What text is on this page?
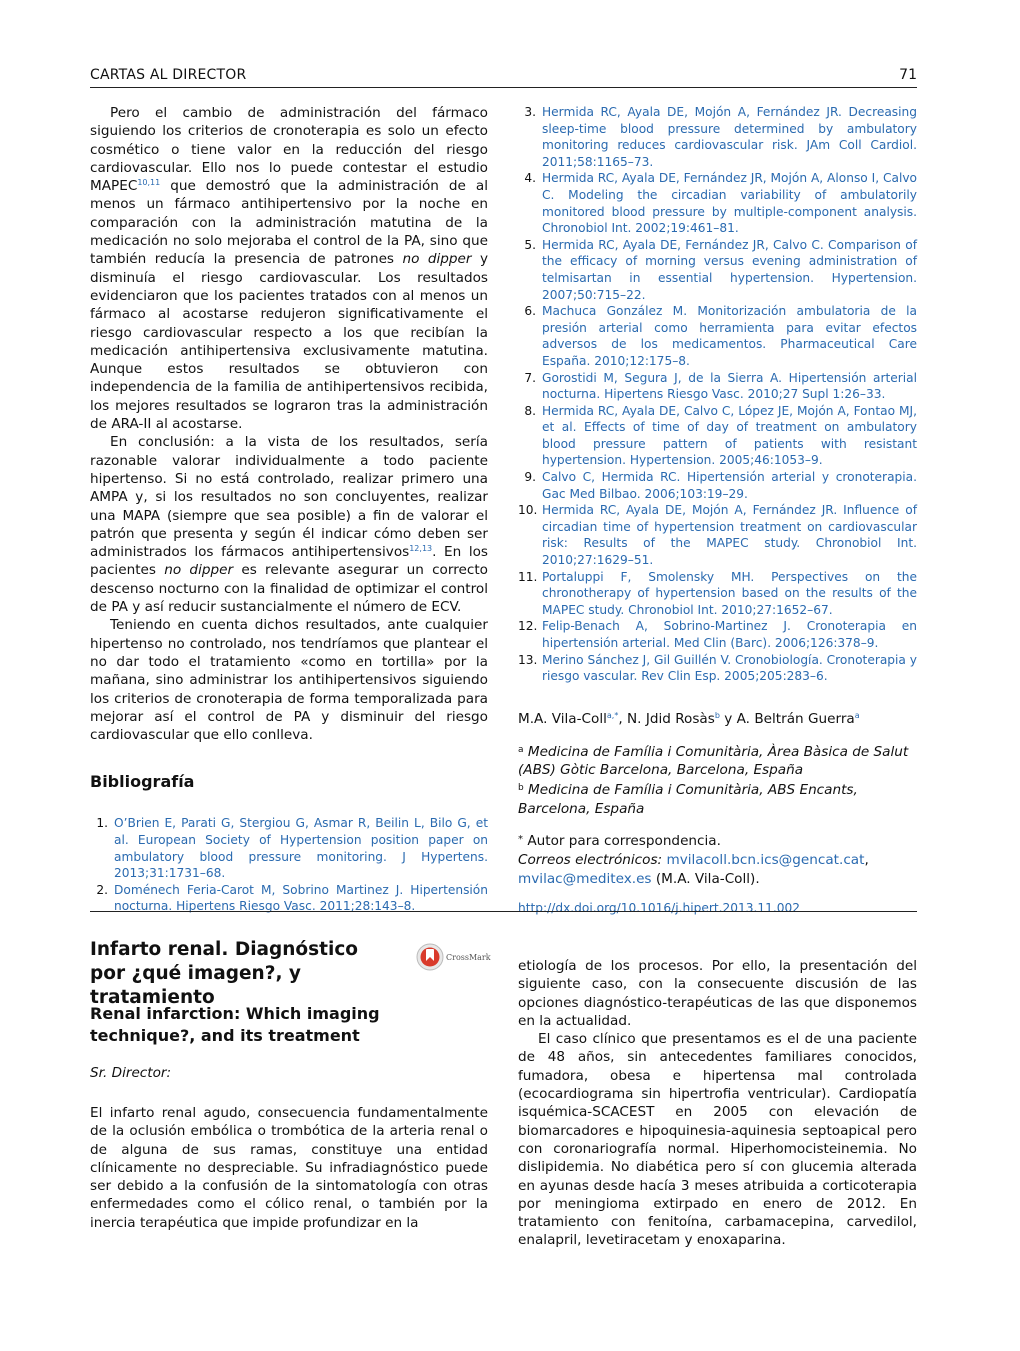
CARTAS AL DIRECTOR	71

Pero el cambio de administración del fármaco siguiendo los criterios de cronoterapia es solo un efecto cosmético o tiene valor en la reducción del riesgo cardiovascular. Ello nos lo puede contestar el estudio MAPEC$^{10,11}$ que demostró que la administración de al menos un fármaco antihipertensivo por la noche en comparación con la administración matutina de la medicación no solo mejoraba el control de la PA, sino que también reducía la presencia de patrones no dipper y disminuía el riesgo cardiovascular. Los resultados evidenciaron que los pacientes tratados con al menos un fármaco al acostarse redujeron significativamente el riesgo cardiovascular respecto a los que recibían la medicación antihipertensiva exclusivamente matutina. Aunque estos resultados se obtuvieron con independencia de la familia de antihipertensivos recibida, los mejores resultados se lograron tras la administración de ARA-II al acostarse.

En conclusión: a la vista de los resultados, sería razonable valorar individualmente a todo paciente hipertenso. Si no está controlado, realizar primero una AMPA y, si los resultados no son concluyentes, realizar una MAPA (siempre que sea posible) a fin de valorar el patrón que presenta y según él indicar cómo deben ser administrados los fármacos antihipertensivos$^{12,13}$. En los pacientes no dipper es relevante asegurar un correcto descenso nocturno con la finalidad de optimizar el control de PA y así reducir sustancialmente el número de ECV.

Teniendo en cuenta dichos resultados, ante cualquier hipertenso no controlado, nos tendríamos que plantear el no dar todo el tratamiento «como en tortilla» por la mañana, sino administrar los antihipertensivos siguiendo los criterios de cronoterapia de forma temporalizada para mejorar así el control de PA y disminuir del riesgo cardiovascular que ello conlleva.

Bibliografía
1. O’Brien E, Parati G, Stergiou G, Asmar R, Beilin L, Bilo G, et al. European Society of Hypertension position paper on ambulatory blood pressure monitoring. J Hypertens. 2013;31:1731–68.
2. Doménech Feria-Carot M, Sobrino Martinez J. Hipertensión nocturna. Hipertens Riesgo Vasc. 2011;28:143–8.
3. Hermida RC, Ayala DE, Mojón A, Fernández JR. Decreasing sleep-time blood pressure determined by ambulatory monitoring reduces cardiovascular risk. JAm Coll Cardiol. 2011;58:1165–73.
4. Hermida RC, Ayala DE, Fernández JR, Mojón A, Alonso I, Calvo C. Modeling the circadian variability of ambulatorily monitored blood pressure by multiple-component analysis. Chronobiol Int. 2002;19:461–81.
5. Hermida RC, Ayala DE, Fernández JR, Calvo C. Comparison of the efficacy of morning versus evening administration of telmisartan in essential hypertension. Hypertension. 2007;50:715–22.
6. Machuca González M. Monitorización ambulatoria de la presión arterial como herramienta para evitar efectos adversos de los medicamentos. Pharmaceutical Care España. 2010;12:175–8.
7. Gorostidi M, Segura J, de la Sierra A. Hipertensión arterial nocturna. Hipertens Riesgo Vasc. 2010;27 Supl 1:26–33.
8. Hermida RC, Ayala DE, Calvo C, López JE, Mojón A, Fontao MJ, et al. Effects of time of day of treatment on ambulatory blood pressure pattern of patients with resistant hypertension. Hypertension. 2005;46:1053–9.
9. Calvo C, Hermida RC. Hipertensión arterial y cronoterapia. Gac Med Bilbao. 2006;103:19–29.
10. Hermida RC, Ayala DE, Mojón A, Fernández JR. Influence of circadian time of hypertension treatment on cardiovascular risk: Results of the MAPEC study. Chronobiol Int. 2010;27:1629–51.
11. Portaluppi F, Smolensky MH. Perspectives on the chronotherapy of hypertension based on the results of the MAPEC study. Chronobiol Int. 2010;27:1652–67.
12. Felip-Benach A, Sobrino-Martinez J. Cronoterapia en hipertensión arterial. Med Clin (Barc). 2006;126:378–9.
13. Merino Sánchez J, Gil Guillén V. Cronobiología. Cronoterapia y riesgo vascular. Rev Clin Esp. 2005;205:283–6.
M.A. Vila-Coll$^{a,*}$, N. Jdid Rosàs$^b$ y A. Beltrán Guerra$^a$
$^a$ Medicina de Família i Comunitària, Àrea Bàsica de Salut (ABS) Gòtic Barcelona, Barcelona, España
$^b$ Medicina de Família i Comunitària, ABS Encants, Barcelona, España
* Autor para correspondencia.
Correos electrónicos: mvilacoll.bcn.ics@gencat.cat,
mvilac@meditex.es (M.A. Vila-Coll).
http://dx.doi.org/10.1016/j.hipert.2013.11.002
Infarto renal. Diagnóstico por ¿qué imagen?, y tratamiento
CrossMark
Renal infarction: Which imaging technique?, and its treatment
Sr. Director:

El infarto renal agudo, consecuencia fundamentalmente de la oclusión embólica o trombótica de la arteria renal o de alguna de sus ramas, constituye una entidad clínicamente no despreciable. Su infradiagnóstico puede ser debido a la confusión de la sintomatología con otras enfermedades como el cólico renal, o también por la inercia terapéutica que impide profundizar en la

etiología de los procesos. Por ello, la presentación del siguiente caso, con la consecuente discusión de las opciones diagnóstico-terapéuticas de las que disponemos en la actualidad.

El caso clínico que presentamos es el de una paciente de 48 años, sin antecedentes familiares conocidos, fumadora, obesa e hipertensa mal controlada (ecocardiograma sin hipertrofia ventricular). Cardiopatía isquémica-SCACEST en 2005 con elevación de biomarcadores e hipoquinesia-aquinesia septoapical pero con coronariografía normal. Hiperhomocisteinemia. No dislipidemia. No diabética pero sí con glucemia alterada en ayunas desde hacía 3 meses atribuida a corticoterapia por meningioma extirpado en enero de 2012. En tratamiento con fenitoína, carbamacepina, carvedilol, enalapril, levetiracetam y enoxaparina.
